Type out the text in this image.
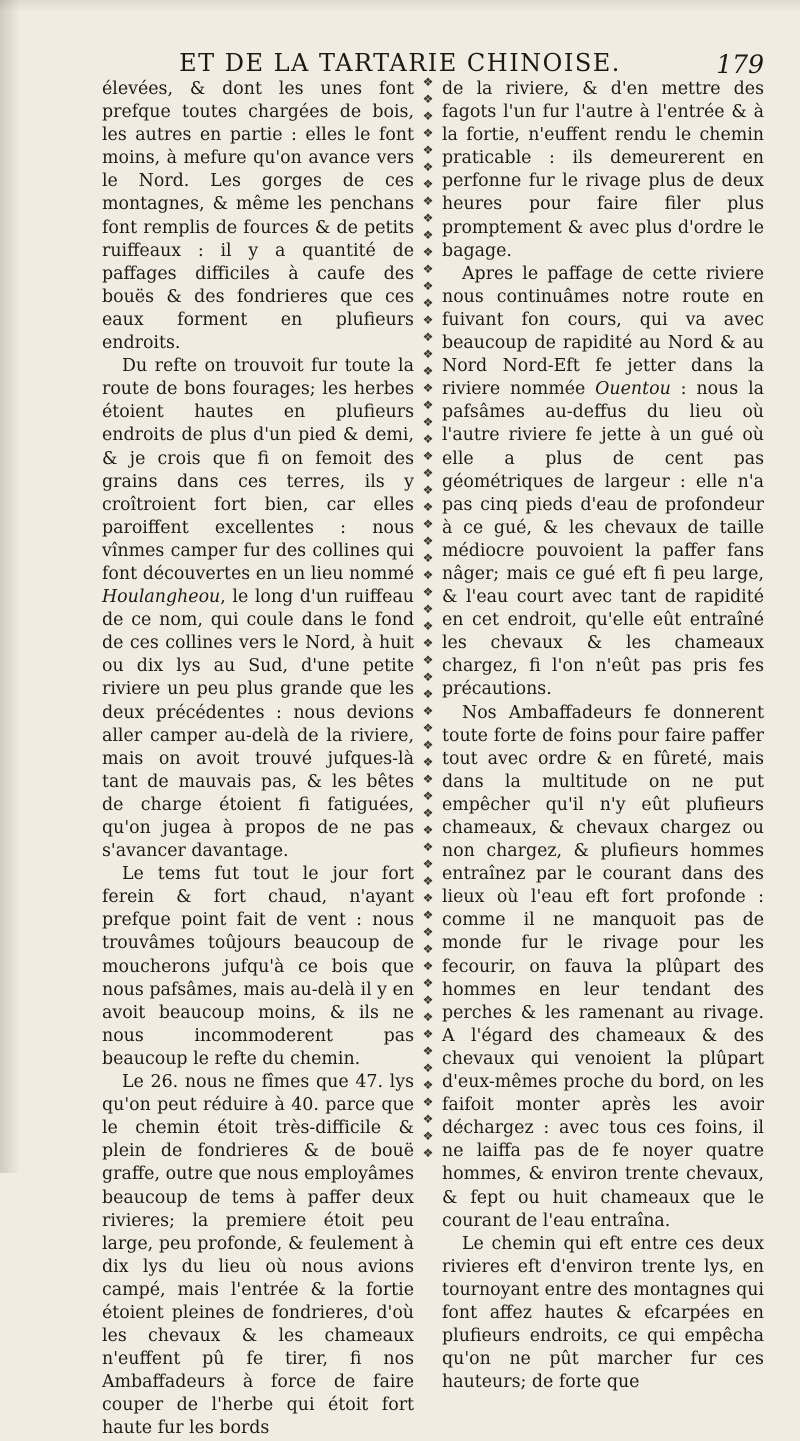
ET DE LA TARTARIE CHINOISE.	179

élevées, & dont les unes font prefque toutes chargées de bois, les autres en partie : elles le font moins, à mefure qu'on avance vers le Nord. Les gorges de ces montagnes, & même les penchans font remplis de fources & de petits ruiffeaux : il y a quantité de paffages difficiles à caufe des bouës & des fondrieres que ces eaux forment en plufieurs endroits.

Du refte on trouvoit fur toute la route de bons fourages; les herbes étoient hautes en plufieurs endroits de plus d'un pied & demi, & je crois que fi on femoit des grains dans ces terres, ils y croîtroient fort bien, car elles paroiffent excellentes : nous vînmes camper fur des collines qui font découvertes en un lieu nommé Houlangheou, le long d'un ruiffeau de ce nom, qui coule dans le fond de ces collines vers le Nord, à huit ou dix lys au Sud, d'une petite riviere un peu plus grande que les deux précédentes : nous devions aller camper au-delà de la riviere, mais on avoit trouvé jufques-là tant de mauvais pas, & les bêtes de charge étoient fi fatiguées, qu'on jugea à propos de ne pas s'avancer davantage.

Le tems fut tout le jour fort ferein & fort chaud, n'ayant prefque point fait de vent : nous trouvâmes toûjours beaucoup de moucherons jufqu'à ce bois que nous pafsâmes, mais au-delà il y en avoit beaucoup moins, & ils ne nous incommoderent pas beaucoup le refte du chemin.

Le 26. nous ne fîmes que 47. lys qu'on peut réduire à 40. parce que le chemin étoit très-difficile & plein de fondrieres & de bouë graffe, outre que nous employâmes beaucoup de tems à paffer deux rivieres; la premiere étoit peu large, peu profonde, & feulement à dix lys du lieu où nous avions campé, mais l'entrée & la fortie étoient pleines de fondrieres, d'où les chevaux & les chameaux n'euffent pû fe tirer, fi nos Ambaffadeurs à force de faire couper de l'herbe qui étoit fort haute fur les bords

❖
❖
❖
❖
❖
❖
❖
❖
❖
❖
❖
❖
❖
❖
❖
❖
❖
❖
❖
❖
❖
❖
❖
❖
❖
❖
❖
❖
❖
❖
❖
❖
❖
❖
❖
❖
❖
❖
❖
❖
❖
❖
❖
❖
❖
❖
❖
❖
❖
❖
❖
❖
❖
❖
❖
❖
❖
❖
❖
❖
❖
❖
❖
❖

de la riviere, & d'en mettre des fagots l'un fur l'autre à l'entrée & à la fortie, n'euffent rendu le chemin praticable : ils demeurerent en perfonne fur le rivage plus de deux heures pour faire filer plus promptement & avec plus d'ordre le bagage.

Apres le paffage de cette riviere nous continuâmes notre route en fuivant fon cours, qui va avec beaucoup de rapidité au Nord & au Nord Nord-Eft fe jetter dans la riviere nommée Ouentou : nous la pafsâmes au-deffus du lieu où l'autre riviere fe jette à un gué où elle a plus de cent pas géométriques de largeur : elle n'a pas cinq pieds d'eau de profondeur à ce gué, & les chevaux de taille médiocre pouvoient la paffer fans nâger; mais ce gué eft fi peu large, & l'eau court avec tant de rapidité en cet endroit, qu'elle eût entraîné les chevaux & les chameaux chargez, fi l'on n'eût pas pris fes précautions.

Nos Ambaffadeurs fe donnerent toute forte de foins pour faire paffer tout avec ordre & en fûreté, mais dans la multitude on ne put empêcher qu'il n'y eût plufieurs chameaux, & chevaux chargez ou non chargez, & plufieurs hommes entraînez par le courant dans des lieux où l'eau eft fort profonde : comme il ne manquoit pas de monde fur le rivage pour les fecourir, on fauva la plûpart des hommes en leur tendant des perches & les ramenant au rivage. A l'égard des chameaux & des chevaux qui venoient la plûpart d'eux-mêmes proche du bord, on les faifoit monter après les avoir déchargez : avec tous ces foins, il ne laiffa pas de fe noyer quatre hommes, & environ trente chevaux, & fept ou huit chameaux que le courant de l'eau entraîna.

Le chemin qui eft entre ces deux rivieres eft d'environ trente lys, en tournoyant entre des montagnes qui font affez hautes & efcarpées en plufieurs endroits, ce qui empêcha qu'on ne pût marcher fur ces hauteurs; de forte que
